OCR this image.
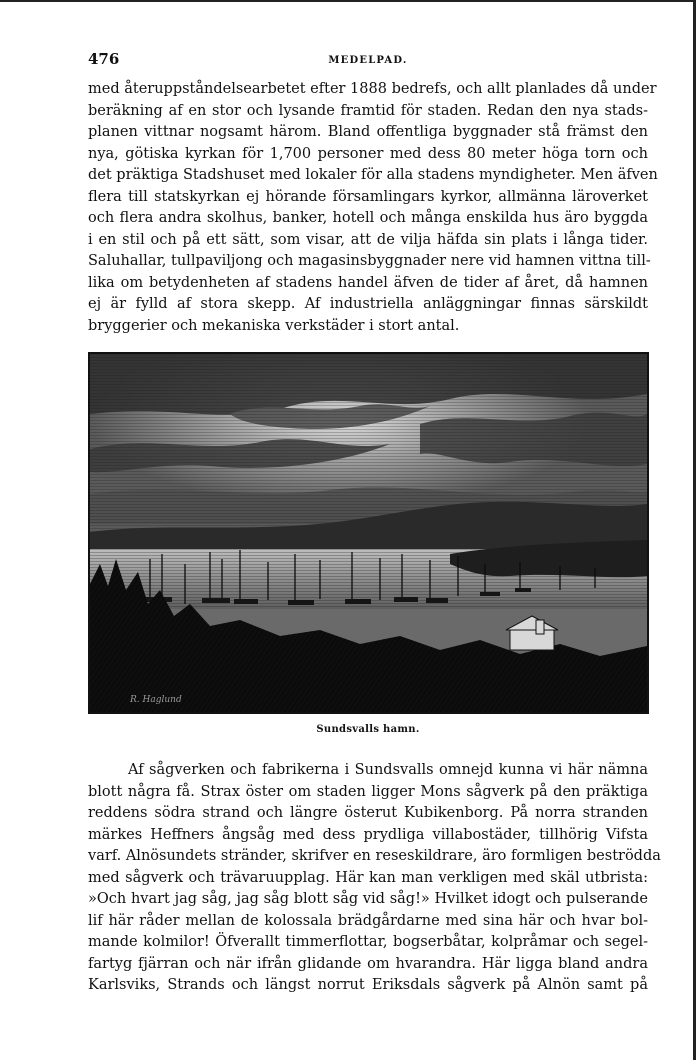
476	MEDELPAD.
med återuppståndelsearbetet efter 1888 bedrefs, och allt planlades då under
beräkning af en stor och lysande framtid för staden. Redan den nya stads-
planen vittnar nogsamt härom. Bland offentliga byggnader stå främst den
nya, götiska kyrkan för 1,700 personer med dess 80 meter höga torn och
det präktiga Stadshuset med lokaler för alla stadens myndigheter. Men äfven
flera till statskyrkan ej hörande församlingars kyrkor, allmänna läroverket
och flera andra skolhus, banker, hotell och många enskilda hus äro byggda
i en stil och på ett sätt, som visar, att de vilja häfda sin plats i långa tider.
Saluhallar, tullpaviljong och magasinsbyggnader nere vid hamnen vittna till-
lika om betydenheten af stadens handel äfven de tider af året, då hamnen
ej är fylld af stora skepp. Af industriella anläggningar finnas särskildt
bryggerier och mekaniska verkstäder i stort antal.
R. Haglund
Sundsvalls hamn.
Af sågverken och fabrikerna i Sundsvalls omnejd kunna vi här nämna
blott några få. Strax öster om staden ligger Mons sågverk på den präktiga
reddens södra strand och längre österut Kubikenborg. På norra stranden
märkes Heffners ångsåg med dess prydliga villabostäder, tillhörig Vifsta
varf. Alnösundets stränder, skrifver en reseskildrare, äro formligen beströdda
med sågverk och trävaruupplag. Här kan man verkligen med skäl utbrista:
»Och hvart jag såg, jag såg blott såg vid såg!» Hvilket idogt och pulserande
lif här råder mellan de kolossala brädgårdarne med sina här och hvar bol-
mande kolmilor! Öfverallt timmerflottar, bogserbåtar, kolpråmar och segel-
fartyg fjärran och när ifrån glidande om hvarandra. Här ligga bland andra
Karlsviks, Strands och längst norrut Eriksdals sågverk på Alnön samt på
